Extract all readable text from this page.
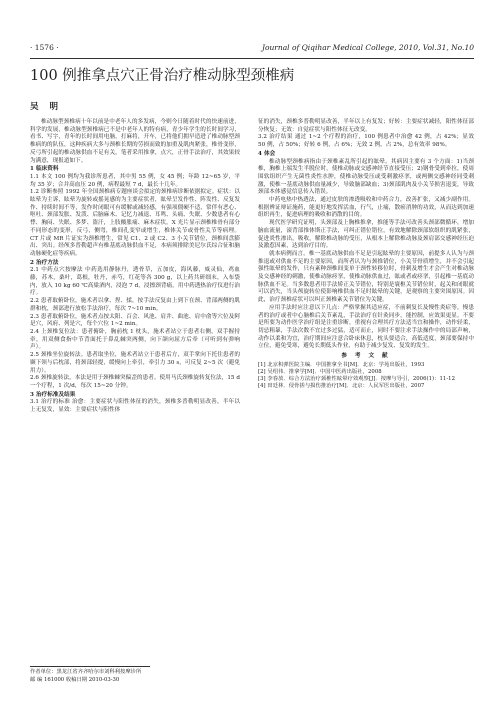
· 1576 ·	Journal of Qiqihar Medical College, 2010, Vol.31, No.10
100 例推拿点穴正骨治疗椎动脉型颈椎病
吴 明

椎动脉型颈椎病十年以前是中老年人的多发病，今则今日随着时代的快速前进，科学的发展，椎动脉型颈椎病已不是中老年人的特有病，青少年学生的长时间学习，看书、写字，青年的长时间用电脑，打麻将，开车，已将他们拥早造进了椎动脉型颈椎病的的队伍，这种疾病大多与颈椎长期的劳损而致的加重及肌肉紧张，椎骨变形，反弓所引起的椎动脉供血不足有关，笔者采用推拿，点穴，正骨手法治疗，其效果较为满意，现报道如下。

1 临床资料

1.1 本文 100 例均为我诊所患者，其中男 55 例，女 45 例；年龄 12~65 岁，平均 35 岁；合并高血压 20 例，病程最短 7 d，最长十几年。

1.2 诊断参照 1992 年全国颈椎病专题座谈会拟定的颈椎病诊断依据拟定。症状：以眩晕为主诉，眩晕为旋转或摇晃感的为主要症状者，眩晕呈发作性、阵发性、反复发作、持续时间不等，发作时闭眼可有缓解或减轻感，有强项僵硬不适，常伴有恶心、呕吐、颈部发胀、发泼、后脑麻木、记忆力减退、耳鸣、头痛、失眠、少数患者有心悸、胸闷、失眠、多梦、盗汗，上肢酸胀痛、麻木症状。X 光片显示颈椎椎骨有部分不同形态的变形，反弓，侧弯，椎间孔变窄或增生，椎体关节或骨性关节等病理。CT 片或 MR 片证实为颈椎增生，常见 C1、2 或 C2、3 小关节错位，颈椎间盘膨出、突出。经颅多普勒超声有椎基底动脉供血不足，本病须排除美尼尔氏综合征和脑动脉硬化症等疾病。

2 治疗方法

2.1 中药点穴按摩法 中药选用静脉丹，透骨草，五加皮，海风藤，威灵仙，鸡血藤，苏木，桑叶，葛根，牡丹，赤芍，红花等各 300 g，以上药共研细末，入布袋内，放入 10 kg 60 ℃高粱酒内，浸泡 7 d，浸擦颈背痛，用中药透热治疗仪进行治疗。

2.2 患者取俯卧位，施术者以拿、捏、揉，按手法反复由上到下在颈、背部两侧的肌群和枕，颈部进行放松手法治疗，每次 7~10 min。

2.3 患者取俯卧位，施术者点按太阳、百会、风池、肩井、曲池、肩中俞等穴位及阿是穴，风府、列是穴，每个穴位 1~2 min。

2.4 上颈椎复位法：患者俯卧，胸前枕 1 枕头，施术者站立于患者右侧，双手握持牵，用双侧食指中节背面托于鼻乱棘突两侧，向下颌向屈方后牵（可听到有弹响声）。

2.5 颈椎坐位旋转法。患者取坐位，施术者站立于患者后方，双手掌向下托住患者的颞下领与后枕部，将颈部轻提，缓慢向上牵引，牵引力 30 s，可反复 2~5 次（避免用力）。

2.6 颈椎旋转法，本法是用于颈椎棘突偏歪的患者。使用马氏颈椎旋转复位法，15 d 一个疗程，1 次/d，每次 15~20 分钟。

3 治疗标准及结果

3.1 治疗的标准 治愈：主要症状与阳性体征的消失，颈椎多普勒明显改善，半年以上无复发，显效：主要症状与阳性体

征的消失，颈椎多普勒明显改善，半年以上有复发；好转：主要症状减轻，阳性体征部分恢复；无效：自觉症状与阳性体征无改变。

3.2 治疗结果 通过 1~2 个疗程的治疗，100 例患者中治愈 42 例，占 42%；显效 50 例，占 50%；好转 6 例，占 6%；无效 2 例，占 2%，总有效率 98%。

4 体会

椎动脉型颈椎病指由于颈椎紊乱所引起的眩晕。其病因主要有 3 个方面：1)当颈椎，胸椎上端发生半脱位时，使椎动脉或交感神经节直接受压；2)钢骨受到牵拉，使周围软组织产生无菌性炎性水肿，使椎动脉受压或受刺激痉挛，或两侧交感神经同受刺激，使椎一基底动脉供血量减少，导致脑部缺血；3)颈部肌肉及小关节损害退变，导致颈部本体感觉信息传入错误。

中药电热中热透法，通过皮肤的渗透吸收和中药合力，改善扩张，又减少副作用。根据辨证辩证施药，能更好地发挥活血，行气，止痛，散瘀消肿的功效，从而达到加速组织再生，促进病理的吸收和消散的目的。

现代医学研究证明，头颈部及上胸椎推拿，推能等手法可改善头颈部微循环，增加脑血流量，滚背部推体斯正手法，可纠正错位错位，有效地解除颈部软组织的肌紧张，促进炎性渗出，吸收，解除椎动脉的受压，从根本上解除椎动脉及颈肩部交感神经压迫及激惹因素，达到治疗目的。

就本病例而言，椎一基底动脉供血不足是引起眩晕的主要原因，前提多人认为与颈推退或对供血不足的主要原因，而所者认为与颈推错位，小关节骨质增生，并不会引起强性眩晕的发作，只有紊种颈椎间变单于颈性转移位时，骨刺及增生才会产生对椎动脉及交感神经的刺激，使椎动脉痉挛，使椎动脉供血过，眩或者或痉挛，引起椎一基底动脉供血不足。当多数患者用手法矫正关节错位，特别是寰枢关节错位时，起关和闭眼就可以消失，当头颅旋转位使影响椎供血不足时眩晕的关键，是观察的主要突围原因。因此，治疗颈椎症状可以纠正颈椎紊关节错位为关键。

应用手法时应注意以下几点：严格掌握其适应症，不前刺复长及慢性炎症等，慢患者的治疗或者中心脑椎后关节紊乱，手法治疗在针灸同步，能控制，应效果更显。不要是所要为动作医学治疗组是注重诊断，重视有合理其疗方法适当宜和操作，动作轻柔，切忌粗暴，手法次数不宜过多过猛，适可而止，同时不要注求手法操作中的局部声响，动作以柔和为宜，治疗期间应注意合卧床休息，枕头要适合，高低适度，颈部要保持中立位，避免受寒，避免长期低头作业，有助于减少复发、复发的发生。

参 考 文 献

[1] 北京积弹医院主编．中国推拿全书[M]．北京：学苑出版社，1993

[2] 吴绍伟．推拿学[M]．中国中医药出版社，2008

[3] 李春放．综合方法治疗颈椎性眩晕疗效观察[J]．按摩与导引，2006(1)：11-12

[4] 田廷林．侵骨搓与损伤推治疗[M]．北京：人民军医出版社，2007

作者单位：黑龙江省齐齐哈尔市刘科利按摩诊所
邮 编 161000 收稿日期 2010-03-30
